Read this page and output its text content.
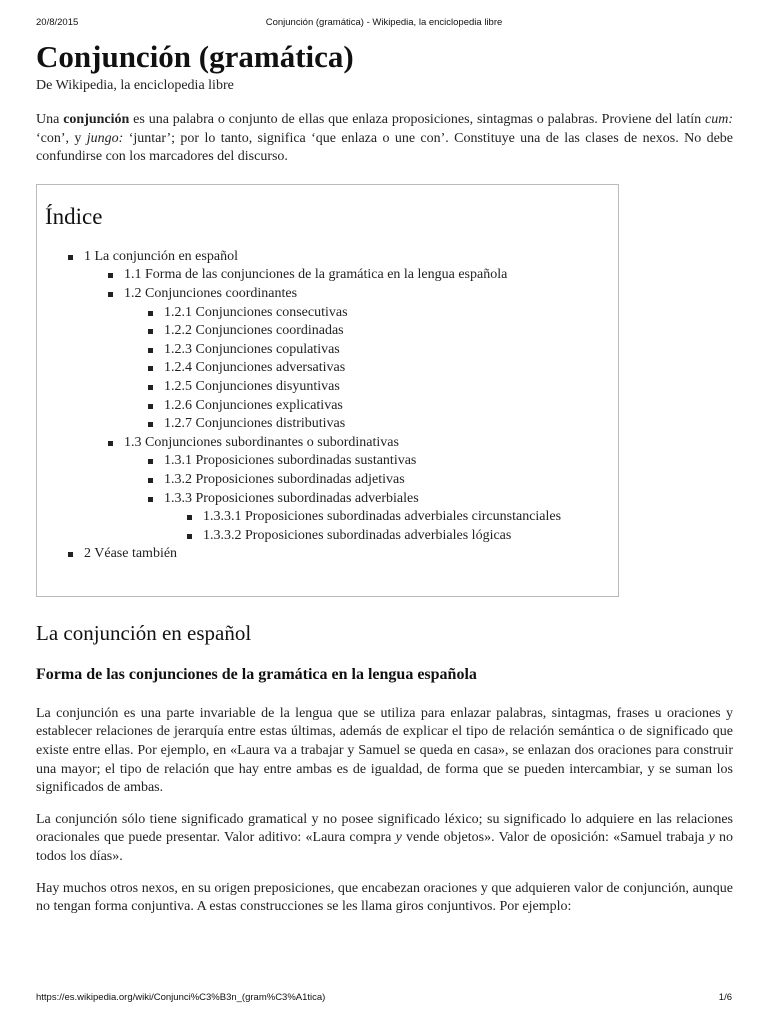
20/8/2015	Conjunción (gramática) - Wikipedia, la enciclopedia libre
Conjunción (gramática)
De Wikipedia, la enciclopedia libre

Una conjunción es una palabra o conjunto de ellas que enlaza proposiciones, sintagmas o palabras. Proviene del latín cum: ‘con’, y jungo: ‘juntar’; por lo tanto, significa ‘que enlaza o une con’. Constituye una de las clases de nexos. No debe confundirse con los marcadores del discurso.

Índice
1 La conjunción en español
1.1 Forma de las conjunciones de la gramática en la lengua española
1.2 Conjunciones coordinantes
1.2.1 Conjunciones consecutivas
1.2.2 Conjunciones coordinadas
1.2.3 Conjunciones copulativas
1.2.4 Conjunciones adversativas
1.2.5 Conjunciones disyuntivas
1.2.6 Conjunciones explicativas
1.2.7 Conjunciones distributivas
1.3 Conjunciones subordinantes o subordinativas
1.3.1 Proposiciones subordinadas sustantivas
1.3.2 Proposiciones subordinadas adjetivas
1.3.3 Proposiciones subordinadas adverbiales
1.3.3.1 Proposiciones subordinadas adverbiales circunstanciales
1.3.3.2 Proposiciones subordinadas adverbiales lógicas
2 Véase también
La conjunción en español
Forma de las conjunciones de la gramática en la lengua española

La conjunción es una parte invariable de la lengua que se utiliza para enlazar palabras, sintagmas, frases u oraciones y establecer relaciones de jerarquía entre estas últimas, además de explicar el tipo de relación semántica o de significado que existe entre ellas. Por ejemplo, en «Laura va a trabajar y Samuel se queda en casa», se enlazan dos oraciones para construir una mayor; el tipo de relación que hay entre ambas es de igualdad, de forma que se pueden intercambiar, y se suman los significados de ambas.

La conjunción sólo tiene significado gramatical y no posee significado léxico; su significado lo adquiere en las relaciones oracionales que puede presentar. Valor aditivo: «Laura compra y vende objetos». Valor de oposición: «Samuel trabaja y no todos los días».

Hay muchos otros nexos, en su origen preposiciones, que encabezan oraciones y que adquieren valor de conjunción, aunque no tengan forma conjuntiva. A estas construcciones se les llama giros conjuntivos. Por ejemplo:

https://es.wikipedia.org/wiki/Conjunci%C3%B3n_(gram%C3%A1tica)	1/6
